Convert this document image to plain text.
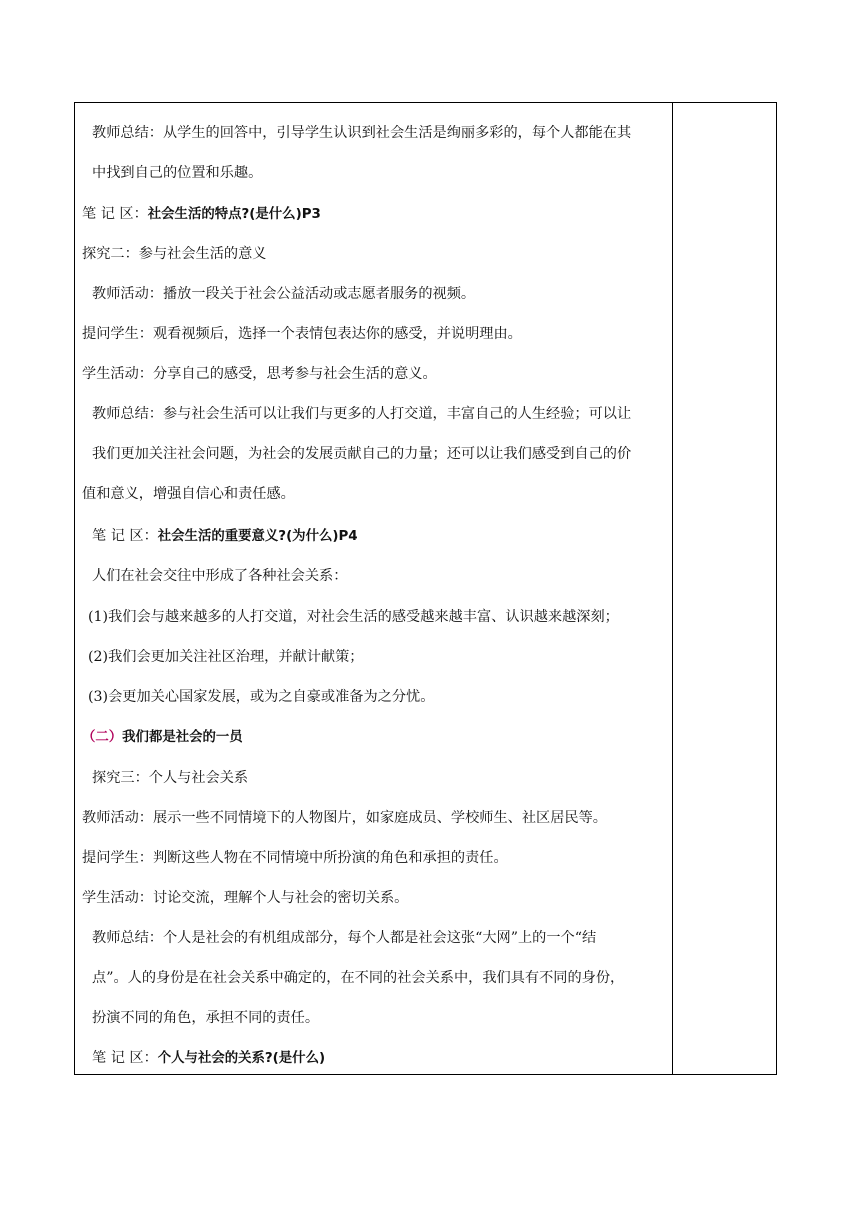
教师总结：从学生的回答中，引导学生认识到社会生活是绚丽多彩的，每个人都能在其
中找到自己的位置和乐趣。
笔 记 区：社会生活的特点?(是什么)P3
探究二：参与社会生活的意义
教师活动：播放一段关于社会公益活动或志愿者服务的视频。
提问学生：观看视频后，选择一个表情包表达你的感受，并说明理由。
学生活动：分享自己的感受，思考参与社会生活的意义。
教师总结：参与社会生活可以让我们与更多的人打交道，丰富自己的人生经验；可以让
我们更加关注社会问题，为社会的发展贡献自己的力量；还可以让我们感受到自己的价
值和意义，增强自信心和责任感。
笔 记 区：社会生活的重要意义?(为什么)P4
人们在社会交往中形成了各种社会关系：
(1)我们会与越来越多的人打交道，对社会生活的感受越来越丰富、认识越来越深刻；
(2)我们会更加关注社区治理，并献计献策；
(3)会更加关心国家发展，或为之自豪或准备为之分忧。
（二）我们都是社会的一员
探究三：个人与社会关系
教师活动：展示一些不同情境下的人物图片，如家庭成员、学校师生、社区居民等。
提问学生：判断这些人物在不同情境中所扮演的角色和承担的责任。
学生活动：讨论交流，理解个人与社会的密切关系。
教师总结：个人是社会的有机组成部分，每个人都是社会这张“大网”上的一个“结
点”。人的身份是在社会关系中确定的，在不同的社会关系中，我们具有不同的身份，
扮演不同的角色，承担不同的责任。
笔 记 区：个人与社会的关系?(是什么)
